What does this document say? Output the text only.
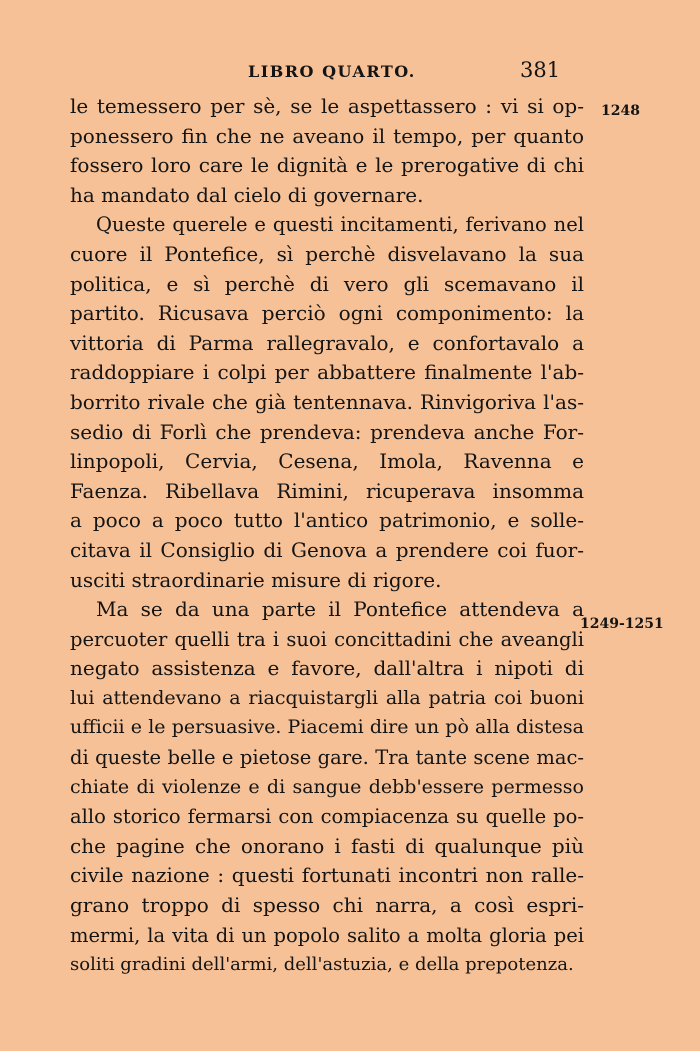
LIBRO QUARTO.	381
1248
1249-1251
le temessero per sè, se le aspettassero : vi si op-
ponessero fin che ne aveano il tempo, per quanto
fossero loro care le dignità e le prerogative di chi
ha mandato dal cielo di governare.
Queste querele e questi incitamenti, ferivano nel
cuore il Pontefice, sì perchè disvelavano la sua
politica, e sì perchè di vero gli scemavano il
partito. Ricusava perciò ogni componimento: la
vittoria di Parma rallegravalo, e confortavalo a
raddoppiare i colpi per abbattere finalmente l'ab-
borrito rivale che già tentennava. Rinvigoriva l'as-
sedio di Forlì che prendeva: prendeva anche For-
linpopoli, Cervia, Cesena, Imola, Ravenna e
Faenza. Ribellava Rimini, ricuperava insomma
a poco a poco tutto l'antico patrimonio, e solle-
citava il Consiglio di Genova a prendere coi fuor-
usciti straordinarie misure di rigore.
Ma se da una parte il Pontefice attendeva a
percuoter quelli tra i suoi concittadini che aveangli
negato assistenza e favore, dall'altra i nipoti di
lui attendevano a riacquistargli alla patria coi buoni
ufficii e le persuasive. Piacemi dire un pò alla distesa
di queste belle e pietose gare. Tra tante scene mac-
chiate di violenze e di sangue debb'essere permesso
allo storico fermarsi con compiacenza su quelle po-
che pagine che onorano i fasti di qualunque più
civile nazione : questi fortunati incontri non ralle-
grano troppo di spesso chi narra, a così espri-
mermi, la vita di un popolo salito a molta gloria pei
soliti gradini dell'armi, dell'astuzia, e della prepotenza.
